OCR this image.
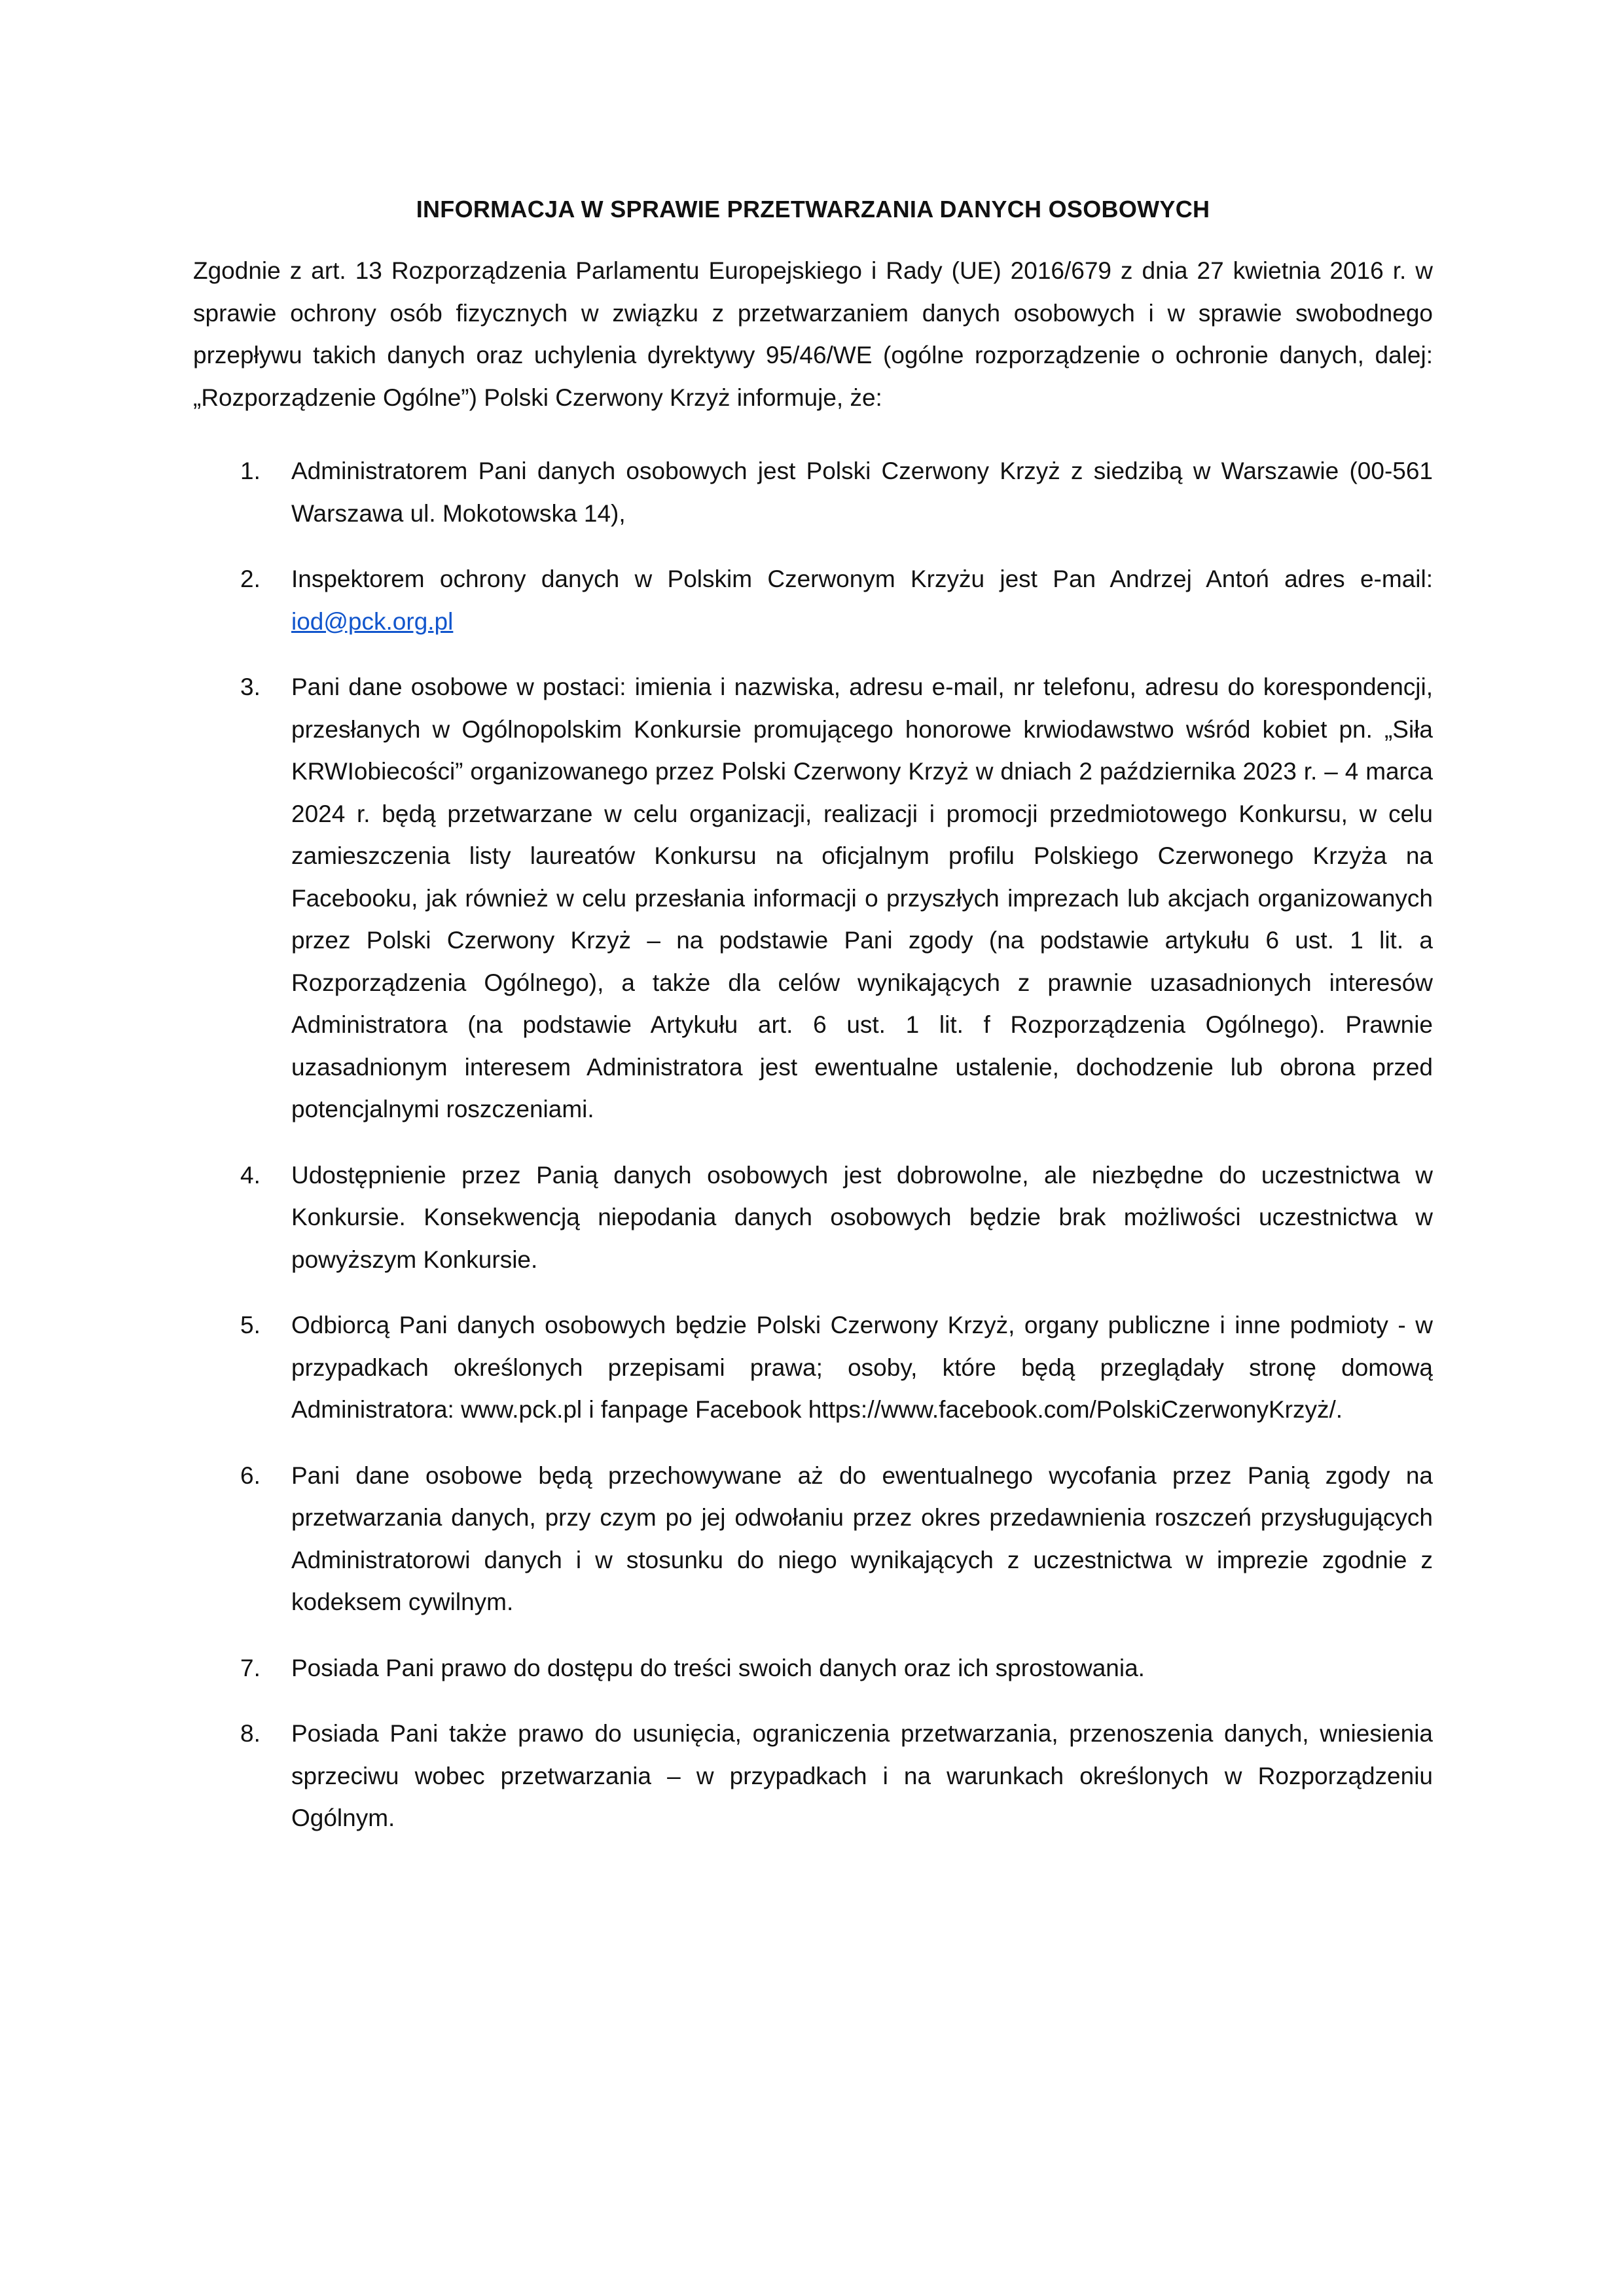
INFORMACJA W SPRAWIE PRZETWARZANIA DANYCH OSOBOWYCH

Zgodnie z art. 13 Rozporządzenia Parlamentu Europejskiego i Rady (UE) 2016/679 z dnia 27 kwietnia 2016 r. w sprawie ochrony osób fizycznych w związku z przetwarzaniem danych osobowych i w sprawie swobodnego przepływu takich danych oraz uchylenia dyrektywy 95/46/WE (ogólne rozporządzenie o ochronie danych, dalej: „Rozporządzenie Ogólne”) Polski Czerwony Krzyż informuje, że:

1. Administratorem Pani danych osobowych jest Polski Czerwony Krzyż z siedzibą w Warszawie (00-561 Warszawa ul. Mokotowska 14),
2. Inspektorem ochrony danych w Polskim Czerwonym Krzyżu jest Pan Andrzej Antoń adres e-mail: iod@pck.org.pl
3. Pani dane osobowe w postaci: imienia i nazwiska, adresu e-mail, nr telefonu, adresu do korespondencji, przesłanych w Ogólnopolskim Konkursie promującego honorowe krwiodawstwo wśród kobiet pn. „Siła KRWIobiecości” organizowanego przez Polski Czerwony Krzyż w dniach 2 października 2023 r. – 4 marca 2024 r. będą przetwarzane w celu organizacji, realizacji i promocji przedmiotowego Konkursu, w celu zamieszczenia listy laureatów Konkursu na oficjalnym profilu Polskiego Czerwonego Krzyża na Facebooku, jak również w celu przesłania informacji o przyszłych imprezach lub akcjach organizowanych przez Polski Czerwony Krzyż – na podstawie Pani zgody (na podstawie artykułu 6 ust. 1 lit. a Rozporządzenia Ogólnego), a także dla celów wynikających z prawnie uzasadnionych interesów Administratora (na podstawie Artykułu art. 6 ust. 1 lit. f Rozporządzenia Ogólnego). Prawnie uzasadnionym interesem Administratora jest ewentualne ustalenie, dochodzenie lub obrona przed potencjalnymi roszczeniami.
4. Udostępnienie przez Panią danych osobowych jest dobrowolne, ale niezbędne do uczestnictwa w Konkursie. Konsekwencją niepodania danych osobowych będzie brak możliwości uczestnictwa w powyższym Konkursie.
5. Odbiorcą Pani danych osobowych będzie Polski Czerwony Krzyż, organy publiczne i inne podmioty - w przypadkach określonych przepisami prawa; osoby, które będą przeglądały stronę domową Administratora: www.pck.pl i fanpage Facebook https://www.facebook.com/PolskiCzerwonyKrzyż/.
6. Pani dane osobowe będą przechowywane aż do ewentualnego wycofania przez Panią zgody na przetwarzania danych, przy czym po jej odwołaniu przez okres przedawnienia roszczeń przysługujących Administratorowi danych i w stosunku do niego wynikających z uczestnictwa w imprezie zgodnie z kodeksem cywilnym.
7. Posiada Pani prawo do dostępu do treści swoich danych oraz ich sprostowania.
8. Posiada Pani także prawo do usunięcia, ograniczenia przetwarzania, przenoszenia danych, wniesienia sprzeciwu wobec przetwarzania – w przypadkach i na warunkach określonych w Rozporządzeniu Ogólnym.
